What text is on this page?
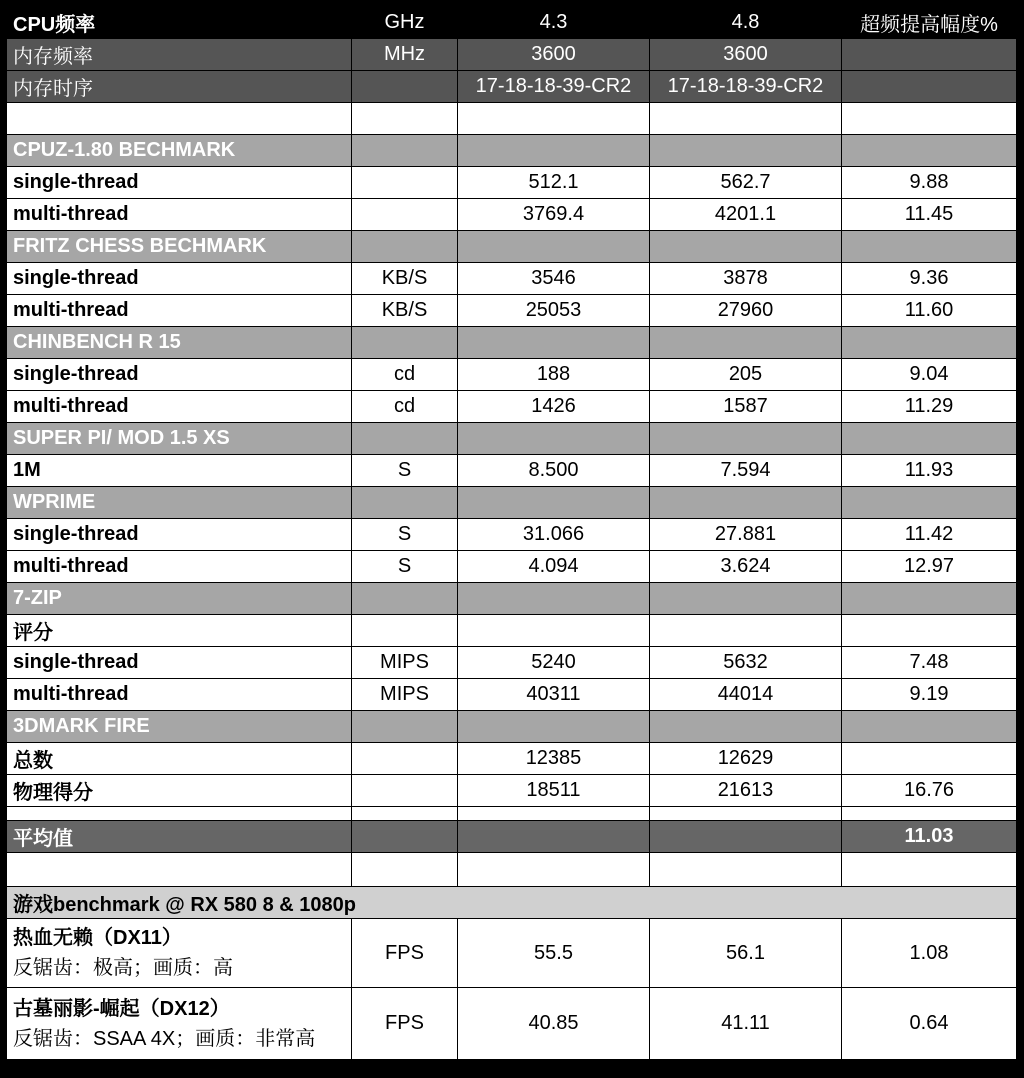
CPU频率	GHz	4.3	4.8	超频提高幅度%
内存频率	MHz	3600	3600	
内存时序		17-18-18-39-CR2	17-18-18-39-CR2	

CPUZ-1.80 BECHMARK				
single-thread		512.1	562.7	9.88
multi-thread		3769.4	4201.1	11.45
FRITZ CHESS BECHMARK				
single-thread	KB/S	3546	3878	9.36
multi-thread	KB/S	25053	27960	11.60
CHINBENCH R 15				
single-thread	cd	188	205	9.04
multi-thread	cd	1426	1587	11.29
SUPER PI/ MOD 1.5 XS				
1M	S	8.500	7.594	11.93
WPRIME				
single-thread	S	31.066	27.881	11.42
multi-thread	S	4.094	3.624	12.97
7-ZIP				
评分				
single-thread	MIPS	5240	5632	7.48
multi-thread	MIPS	40311	44014	9.19
3DMARK FIRE				
总数		12385	12629	
物理得分		18511	21613	16.76

平均值				11.03

游戏benchmark @ RX 580 8 & 1080p				

热血无赖（DX11）
反锯齿：极高；画质：高	FPS	55.5	56.1	1.08

古墓丽影-崛起（DX12）
反锯齿：SSAA 4X；画质：非常高	FPS	40.85	41.11	0.64
